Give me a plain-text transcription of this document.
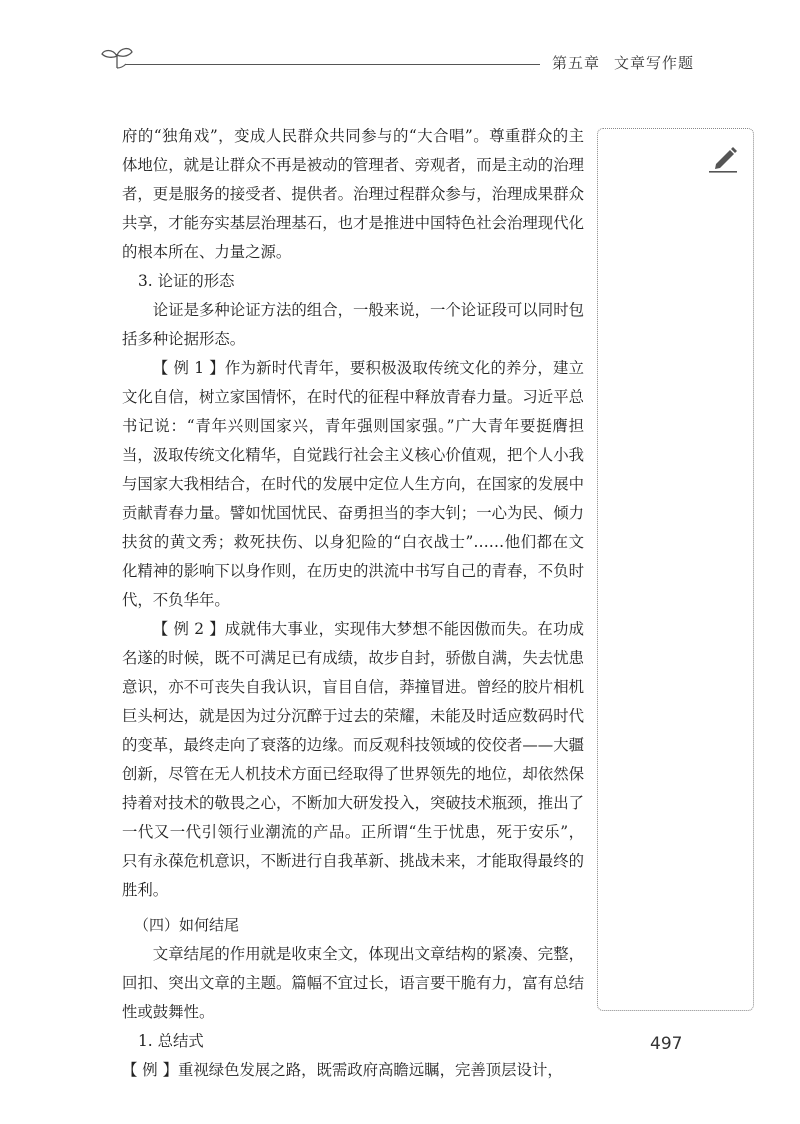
第五章 文章写作题

府的“独角戏”，变成人民群众共同参与的“大合唱”。尊重群众的主体地位，就是让群众不再是被动的管理者、旁观者，而是主动的治理者，更是服务的接受者、提供者。治理过程群众参与，治理成果群众共享，才能夯实基层治理基石，也才是推进中国特色社会治理现代化的根本所在、力量之源。

3. 论证的形态

论证是多种论证方法的组合，一般来说，一个论证段可以同时包括多种论据形态。

【 例 1 】作为新时代青年，要积极汲取传统文化的养分，建立文化自信，树立家国情怀，在时代的征程中释放青春力量。习近平总书记说：“青年兴则国家兴，青年强则国家强。”广大青年要挺膺担当，汲取传统文化精华，自觉践行社会主义核心价值观，把个人小我与国家大我相结合，在时代的发展中定位人生方向，在国家的发展中贡献青春力量。譬如忧国忧民、奋勇担当的李大钊；一心为民、倾力扶贫的黄文秀；救死扶伤、以身犯险的“白衣战士”……他们都在文化精神的影响下以身作则，在历史的洪流中书写自己的青春，不负时代，不负华年。

【 例 2 】成就伟大事业，实现伟大梦想不能因傲而失。在功成名遂的时候，既不可满足已有成绩，故步自封，骄傲自满，失去忧患意识，亦不可丧失自我认识，盲目自信，莽撞冒进。曾经的胶片相机巨头柯达，就是因为过分沉醉于过去的荣耀，未能及时适应数码时代的变革，最终走向了衰落的边缘。而反观科技领域的佼佼者——大疆创新，尽管在无人机技术方面已经取得了世界领先的地位，却依然保持着对技术的敬畏之心，不断加大研发投入，突破技术瓶颈，推出了一代又一代引领行业潮流的产品。正所谓“生于忧患，死于安乐”，只有永葆危机意识，不断进行自我革新、挑战未来，才能取得最终的胜利。

（四）如何结尾

文章结尾的作用就是收束全文，体现出文章结构的紧凑、完整，回扣、突出文章的主题。篇幅不宜过长，语言要干脆有力，富有总结性或鼓舞性。

1. 总结式

【 例 】重视绿色发展之路，既需政府高瞻远瞩，完善顶层设计，

497
